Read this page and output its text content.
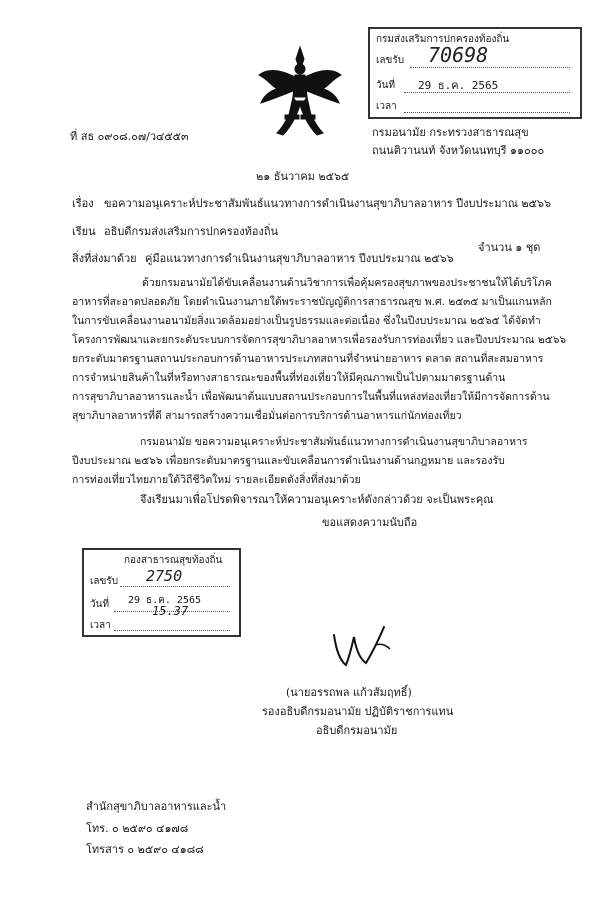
กรมส่งเสริมการปกครองท้องถิ่น
เลขรับ 70698
วันที่ 29 ธ.ค. 2565
เวลา
ที่ สธ ๐๙๐๘.๐๗/ว๔๕๕๓	กรมอนามัย กระทรวงสาธารณสุข
ถนนติวานนท์ จังหวัดนนทบุรี ๑๑๐๐๐
๒๑ ธันวาคม ๒๕๖๕
เรื่อง ขอความอนุเคราะห์ประชาสัมพันธ์แนวทางการดำเนินงานสุขาภิบาลอาหาร ปีงบประมาณ ๒๕๖๖
เรียน อธิบดีกรมส่งเสริมการปกครองท้องถิ่น
สิ่งที่ส่งมาด้วย คู่มือแนวทางการดำเนินงานสุขาภิบาลอาหาร ปีงบประมาณ ๒๕๖๖
จำนวน ๑ ชุด
ด้วยกรมอนามัยได้ขับเคลื่อนงานด้านวิชาการเพื่อคุ้มครองสุขภาพของประชาชนให้ได้บริโภค
อาหารที่สะอาดปลอดภัย โดยดำเนินงานภายใต้พระราชบัญญัติการสาธารณสุข พ.ศ. ๒๕๓๕ มาเป็นแกนหลัก
ในการขับเคลื่อนงานอนามัยสิ่งแวดล้อมอย่างเป็นรูปธรรมและต่อเนื่อง ซึ่งในปีงบประมาณ ๒๕๖๕ ได้จัดทำ
โครงการพัฒนาและยกระดับระบบการจัดการสุขาภิบาลอาหารเพื่อรองรับการท่องเที่ยว และปีงบประมาณ ๒๕๖๖
ยกระดับมาตรฐานสถานประกอบการด้านอาหารประเภทสถานที่จำหน่ายอาหาร ตลาด สถานที่สะสมอาหาร
การจำหน่ายสินค้าในที่หรือทางสาธารณะของพื้นที่ท่องเที่ยวให้มีคุณภาพเป็นไปตามมาตรฐานด้าน
การสุขาภิบาลอาหารและน้ำ เพื่อพัฒนาต้นแบบสถานประกอบการในพื้นที่แหล่งท่องเที่ยวให้มีการจัดการด้าน
สุขาภิบาลอาหารที่ดี สามารถสร้างความเชื่อมั่นต่อการบริการด้านอาหารแก่นักท่องเที่ยว
กรมอนามัย ขอความอนุเคราะห์ประชาสัมพันธ์แนวทางการดำเนินงานสุขาภิบาลอาหาร
ปีงบประมาณ ๒๕๖๖ เพื่อยกระดับมาตรฐานและขับเคลื่อนการดำเนินงานด้านกฎหมาย และรองรับ
การท่องเที่ยวไทยภายใต้วิถีชีวิตใหม่ รายละเอียดดังสิ่งที่ส่งมาด้วย
จึงเรียนมาเพื่อโปรดพิจารณาให้ความอนุเคราะห์ดังกล่าวด้วย จะเป็นพระคุณ
ขอแสดงความนับถือ
กองสาธารณสุขท้องถิ่น
เลขรับ 2750
วันที่ 29 ธ.ค. 2565
15.37
เวลา
(นายอรรถพล แก้วสัมฤทธิ์)
รองอธิบดีกรมอนามัย ปฏิบัติราชการแทน
อธิบดีกรมอนามัย
สำนักสุขาภิบาลอาหารและน้ำ
โทร. ๐ ๒๕๙๐ ๔๑๗๘
โทรสาร ๐ ๒๕๙๐ ๔๑๘๘
